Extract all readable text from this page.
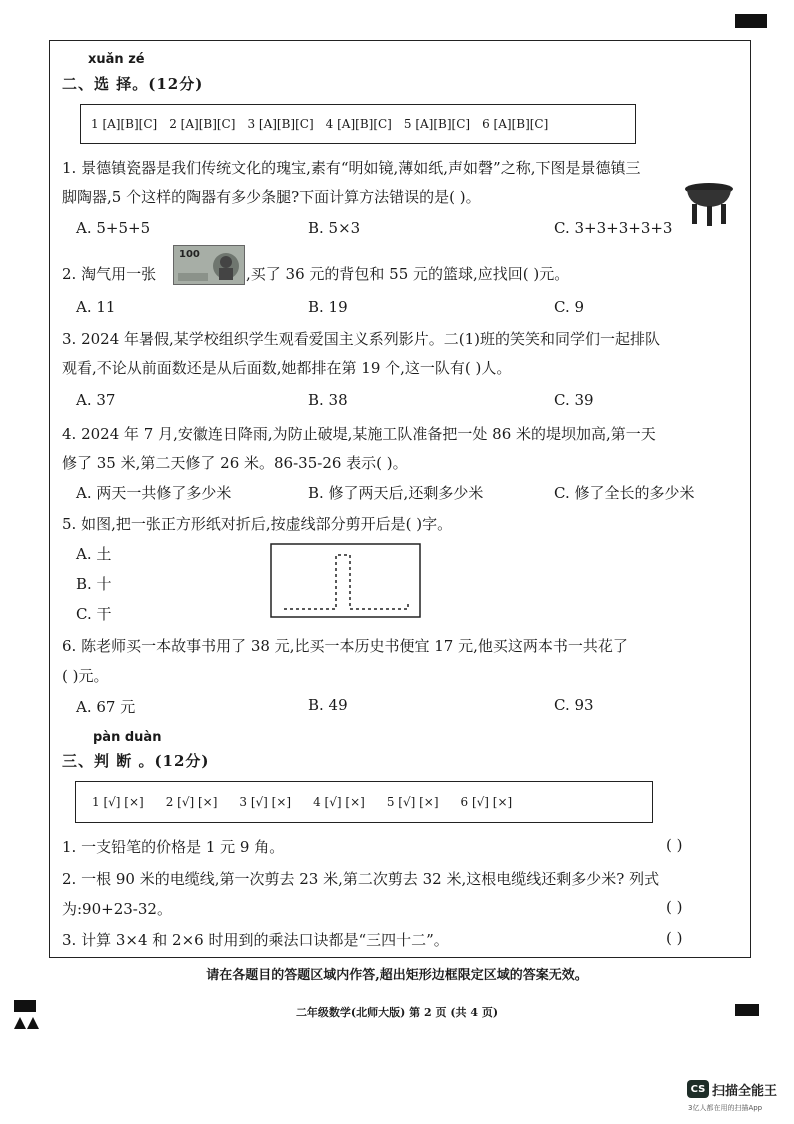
xuǎn zé
二、选 择。(12分)
1 [A][B][C] 2 [A][B][C] 3 [A][B][C] 4 [A][B][C] 5 [A][B][C] 6 [A][B][C]
1. 景德镇瓷器是我们传统文化的瑰宝,素有“明如镜,薄如纸,声如磬”之称,下图是景德镇三
脚陶器,5 个这样的陶器有多少条腿?下面计算方法错误的是( )。
A. 5+5+5	B. 5×3	C. 3+3+3+3+3
2. 淘气用一张
100
,买了 36 元的背包和 55 元的篮球,应找回( )元。
A. 11	B. 19	C. 9
3. 2024 年暑假,某学校组织学生观看爱国主义系列影片。二(1)班的笑笑和同学们一起排队
观看,不论从前面数还是从后面数,她都排在第 19 个,这一队有( )人。
A. 37	B. 38	C. 39
4. 2024 年 7 月,安徽连日降雨,为防止破堤,某施工队准备把一处 86 米的堤坝加高,第一天
修了 35 米,第二天修了 26 米。86-35-26 表示( )。
A. 两天一共修了多少米	B. 修了两天后,还剩多少米	C. 修了全长的多少米
5. 如图,把一张正方形纸对折后,按虚线部分剪开后是( )字。
A. 土
B. 十
C. 干
6. 陈老师买一本故事书用了 38 元,比买一本历史书便宜 17 元,他买这两本书一共花了
( )元。
A. 67 元	B. 49	C. 93
pàn duàn
三、判 断 。(12分)
1 [√] [×] 2 [√] [×] 3 [√] [×] 4 [√] [×] 5 [√] [×] 6 [√] [×]
1. 一支铅笔的价格是 1 元 9 角。	( )
2. 一根 90 米的电缆线,第一次剪去 23 米,第二次剪去 32 米,这根电缆线还剩多少米? 列式
为:90+23-32。	( )
3. 计算 3×4 和 2×6 时用到的乘法口诀都是“三四十二”。	( )
请在各题目的答题区域内作答,超出矩形边框限定区域的答案无效。
二年级数学(北师大版) 第 2 页 (共 4 页)
CS 扫描全能王
3亿人都在用的扫描App
